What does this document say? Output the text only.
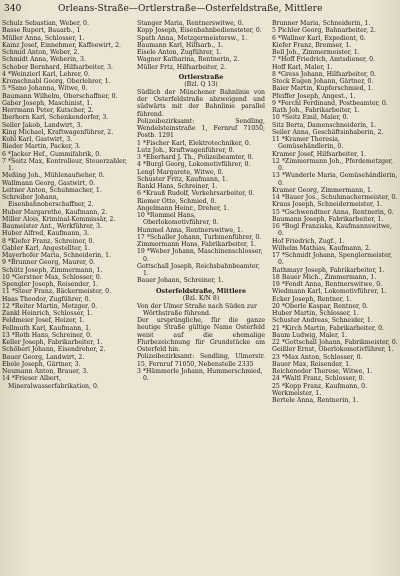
340	Orleans-Straße—Ortlerstraße—Osterfeldstraße, Mittlere
Schulz Sebastian, Weber, 0.
Basse Rupert, Bauarb., 1
Müller Anna, Schlosser, 1.
Kainz Josef, Einnehmer, Kaffeewirt, 2.
Schmid Anton, Weber, 2.
Schmidt Anna, Weberin, 3.
Schober Bernhard, Hilfsarbeiter, 3.
4 *Weinzierl Karl, Lehrer, 0.
Kronschnabl Georg, Oberlehrer, 1.
5 *Sano Johanna, Witwe, 0.
Baumann Wilhelm, Oberschaffner, 0.
Gaber Joseph, Maschinist, 1.
Herrmann Peter, Kutscher, 2.
Iberhorn Karl, Schenkendorfer, 3.
Seiler Jakob, Landwirt, 3.
King Michael, Kraftwagenführer, 2.
Kohl Karl, Gastwirt, 3.
Rieder Martin, Packer, 3.
6 *Jacker Hef., Gummifabrik, 0.
7 *Seitz Max, Kontrolleur, Steuerzahler, 1.
Meßing Joh., Mühlenaufseher, 0.
Wallmann Georg, Gastwirt, 0.
Leitner Anton, Schuhmacher, 1.
Schreiber Johann, Eisenbahnoberschaffner, 2.
Huber Margarethe, Kaufmann, 2.
Miller Alois, Kriminal-Kommissär, 2.
Baumeister Ant., Werkführer, 3.
Huber Alfred, Kaufmann, 3.
8 *Kiefer Franz, Schreiner, 0.
Gabler Karl, Angestellter, 1.
Mayerhofer Maria, Schneiderin, 1.
9 *Brunner Georg, Maurer, 0.
Schütz Joseph, Zimmermann, 1.
10 *Gerstner Max, Schlosser, 0.
Spengler Joseph, Reisender, 1.
11 *Steer Franz, Bäckermeister, 0.
Haas Theodor, Zugführer, 0.
12 *Reiter Martin, Metzger, 0.
Zankl Heinrich, Schlosser, 1.
Feldmeier Josef, Heizer, 1.
Fellmuth Karl, Kaufmann, 1.
13 *Roth Hans, Schreiner, 0.
Keller Joseph, Fabrikarbeiter, 1.
Schöberl Johann, Eisendreher, 2.
Bauer Georg, Landwirt, 2.
Ebele Joseph, Gärtner, 3.
Neumann Anton, Brauer, 3.
14 *Frieser Albert, Mineralwasserfabrikation, 0.
Stanger Maria, Rentnerswitwe, 0.
Kopp Joseph, Eisenbahnbediensteter, 0.
Spath Anna, Metzgermeistersw., 1.
Baumann Karl, Hilfsarb., 1.
Eisele Anton, Zugführer, 1.
Wagner Katharina, Rentnerin, 2.
Müller Frtz, Hilfsarbeiter, 2.
Ortlerstraße
(Bzl. Q 13)
Südlich der Münchener Bahnlinie von der Osterfeldstraße abzweigend und südwärts mit der Bahnlinie parallel führend.
Polizeibezirksamt: Sendling, Wendelsteinstraße 1, Fernruf 71050, Postb. 1291
1 *Fischer Karl, Elektrotechniker, 0.
Lutz Joh., Kraftwagenführer, 0.
3 *Eberhard J. Th., Polizeibeamter, 0.
4 *Burgl Georg, Lokomotivführer, 0.
Lengl Margarete, Witwe, 0.
Schuster Fritz, Kaufmann, 1.
Rankl Hans, Schreiner, 1.
6 *Krauß Rudolf, Verkehrsarbeiter, 0.
Riemer Otto, Schmied, 0.
Angelmann Heinr., Dreher, 1.
10 *Rommel Hans, Oberlokomotivführer, 0.
Hummel Anna, Rentnerswitwe, 1.
17 *Schaller Johann, Turbinenführer, 0.
Zimmermann Hans, Fabrikarbeiter, 1.
19 *Weber Johann, Maschinenschlosser, 0.
Gottschall Joseph, Reichsbahnbeamter, 1.
Bauer Johann, Schreiner, 1.
Osterfeldstraße, Mittlere
(Bzl. K/N 8)
Von der Ulmer Straße nach Süden zur Wörthstraße führend.
Der ursprüngliche, für die ganze heutige Straße gültige Name Osterfeld weist auf die ehemalige Flurbezeichnung für Grundstücke am Osterfeld hin.
Polizeibezirksamt: Sendling, Ulmerstr. 15, Fernruf 71050, Nebenstelle 2335
3 *Hämmerle Johann, Hummerschmied, 0.
Brunner Maria, Schneiderin, 1.
5 Pichler Georg, Bahnarbeiter, 2.
6 *Wallner Karl, Expedient, 0.
Kiefer Franz, Bremser, 1.
Bell Joh., Zimmermeister, 1.
7 *Hoff Friedrich, Amtsdiener, 0.
Hoff Karl, Maler, 1.
8 *Gress Johann, Hilfsarbeiter, 0.
Stock Eugen Johann, Gärtner, 0.
Baier Martin, Kupferschmied, 1.
Pfeiffer Joseph, Angest., 1.
9 *Ferchl Ferdinand, Postbeamter, 0.
Rath Joh., Fabrikarbeiter, 1.
10 *Seitz Emil, Maler, 0.
Sitz Berta, Damenschneiderin, 1.
Seiler Anna, Geschäftsinhaberin, 2.
11 *Kramer Theresia, Gemüsehändlerin, 0.
Kramer Josef, Hilfsarbeiter, 1.
12 *Zimmermann Joh., Pferdemetzger, 0.
13 *Wunderle Maria, Gemüsehändlerin, 0.
Kramer Georg, Zimmermann, 1.
14 *Bauer Jos., Schuhmachermeister, 0.
Kraus Joseph, Schneidermeister, 1.
15 *Gschwendtner Anna, Rentnerin, 0.
Baumann Joseph, Fabrikarbeiter, 1.
16 *Bogl Franziska, Kaufmannswitwe, 0.
Hof Friedrich, Zugf., 1.
Wilhelm Mathias, Kaufmann, 2.
17 *Schmidt Johann, Spenglermeister, 0.
Rathmayr Joseph, Fabrikarbeiter, 1.
18 Bauer Mich., Zimmermann, 1.
19 *Fendt Anna, Rentnerswitwe, 0.
Wiedmann Karl, Lokomotivführer, 1.
Ecker Joseph, Rentner, 1.
20 *Oberle Kaspar, Rentner, 0.
Huber Martin, Schlosser, 1.
Schuster Andreas, Schneider, 1.
21 *Kirch Martin, Fabrikarbeiter, 0.
Baum Ludwig, Maler, 1.
22 *Gottschall Johann, Fabrikmeister, 0.
Geißler Ernst, Oberlokomotivführer, 1.
23 *Max Anton, Schlosser, 0.
Bauer Max, Reisender, 1.
Reicheneder Therese, Witwe, 1.
24 *Waltl Franz, Schlosser, 0.
25 *Kopp Franz, Kaufmann, 0.
Werkmeister, 1.
Bertele Anna, Rentnerin, 1.
